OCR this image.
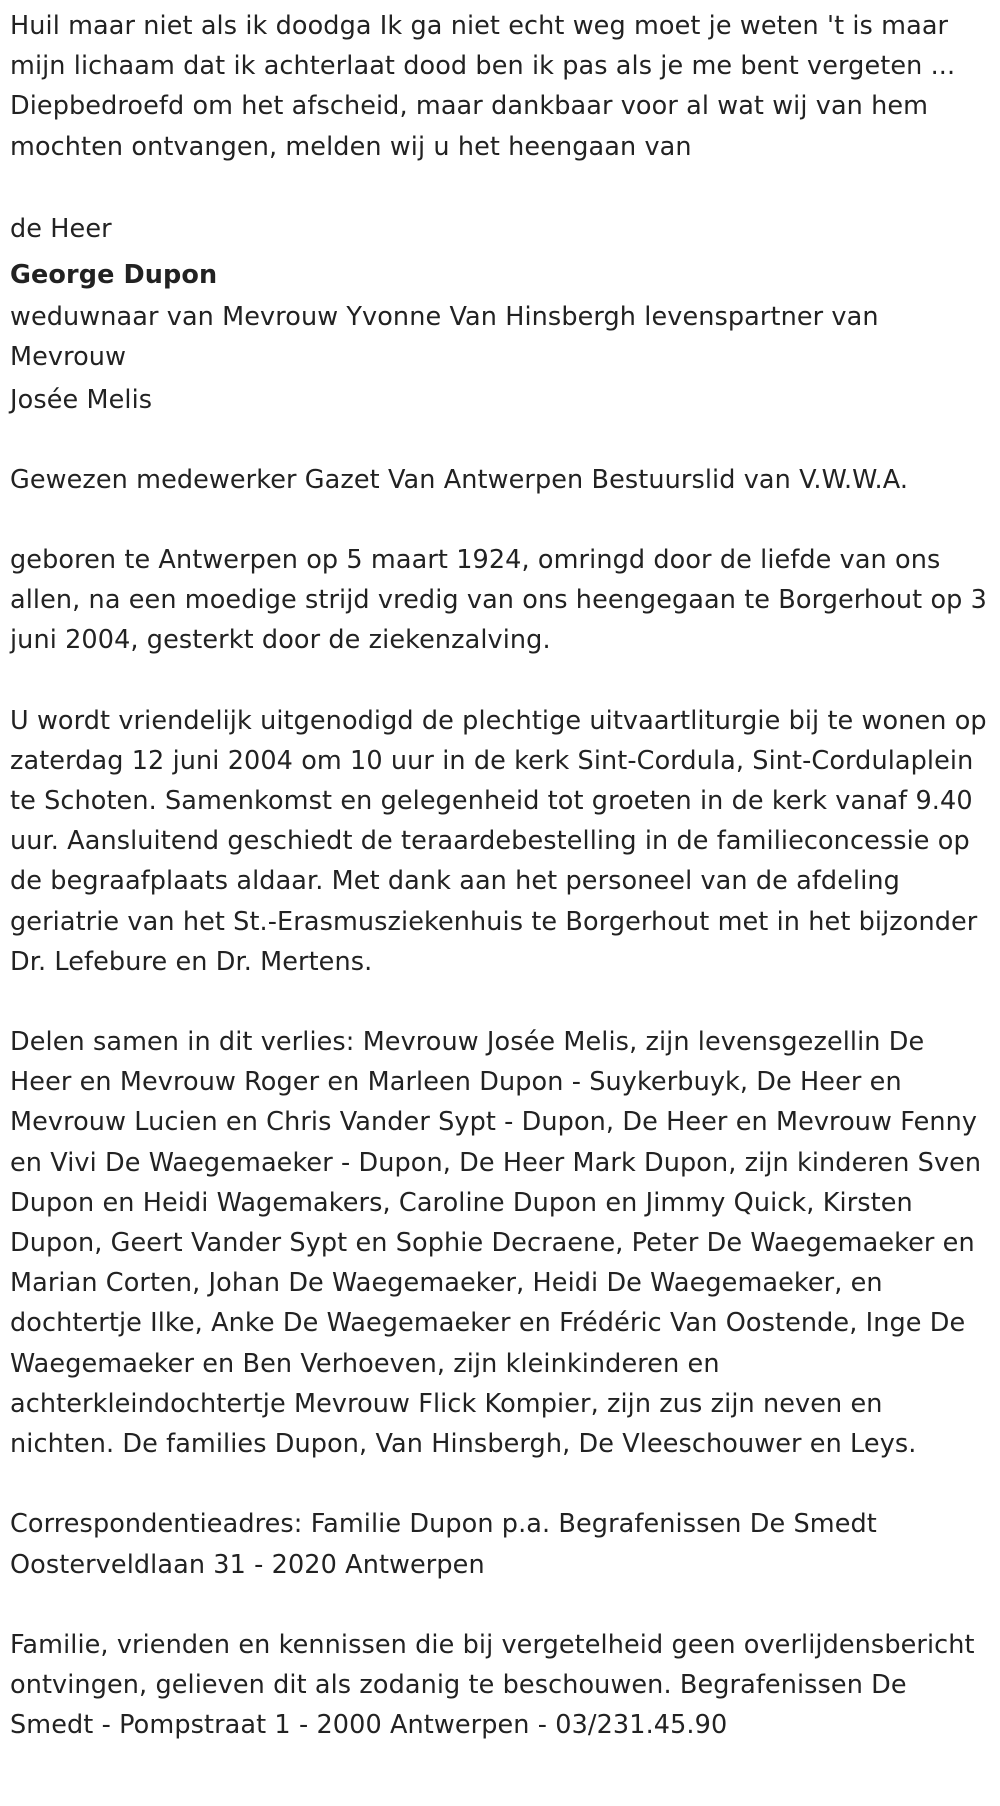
Huil maar niet als ik doodga Ik ga niet echt weg moet je weten 't is maar mijn lichaam dat ik achterlaat dood ben ik pas als je me bent vergeten ... Diepbedroefd om het afscheid, maar dankbaar voor al wat wij van hem mochten ontvangen, melden wij u het heengaan van

de Heer

George Dupon

weduwnaar van Mevrouw Yvonne Van Hinsbergh levenspartner van Mevrouw

Josée Melis

Gewezen medewerker Gazet Van Antwerpen Bestuurslid van V.W.W.A.

geboren te Antwerpen op 5 maart 1924, omringd door de liefde van ons allen, na een moedige strijd vredig van ons heengegaan te Borgerhout op 3 juni 2004, gesterkt door de ziekenzalving.

U wordt vriendelijk uitgenodigd de plechtige uitvaartliturgie bij te wonen op zaterdag 12 juni 2004 om 10 uur in de kerk Sint-Cordula, Sint-Cordulaplein te Schoten. Samenkomst en gelegenheid tot groeten in de kerk vanaf 9.40 uur. Aansluitend geschiedt de teraardebestelling in de familieconcessie op de begraafplaats aldaar. Met dank aan het personeel van de afdeling geriatrie van het St.-Erasmusziekenhuis te Borgerhout met in het bijzonder Dr. Lefebure en Dr. Mertens.

Delen samen in dit verlies: Mevrouw Josée Melis, zijn levensgezellin De Heer en Mevrouw Roger en Marleen Dupon - Suykerbuyk, De Heer en Mevrouw Lucien en Chris Vander Sypt - Dupon, De Heer en Mevrouw Fenny en Vivi De Waegemaeker - Dupon, De Heer Mark Dupon, zijn kinderen Sven Dupon en Heidi Wagemakers, Caroline Dupon en Jimmy Quick, Kirsten Dupon, Geert Vander Sypt en Sophie Decraene, Peter De Waegemaeker en Marian Corten, Johan De Waegemaeker, Heidi De Waegemaeker, en dochtertje Ilke, Anke De Waegemaeker en Frédéric Van Oostende, Inge De Waegemaeker en Ben Verhoeven, zijn kleinkinderen en achterkleindochtertje Mevrouw Flick Kompier, zijn zus zijn neven en nichten. De families Dupon, Van Hinsbergh, De Vleeschouwer en Leys.

Correspondentieadres: Familie Dupon p.a. Begrafenissen De Smedt

Oosterveldlaan 31 - 2020 Antwerpen

Familie, vrienden en kennissen die bij vergetelheid geen overlijdensbericht ontvingen, gelieven dit als zodanig te beschouwen. Begrafenissen De Smedt - Pompstraat 1 - 2000 Antwerpen - 03/231.45.90
